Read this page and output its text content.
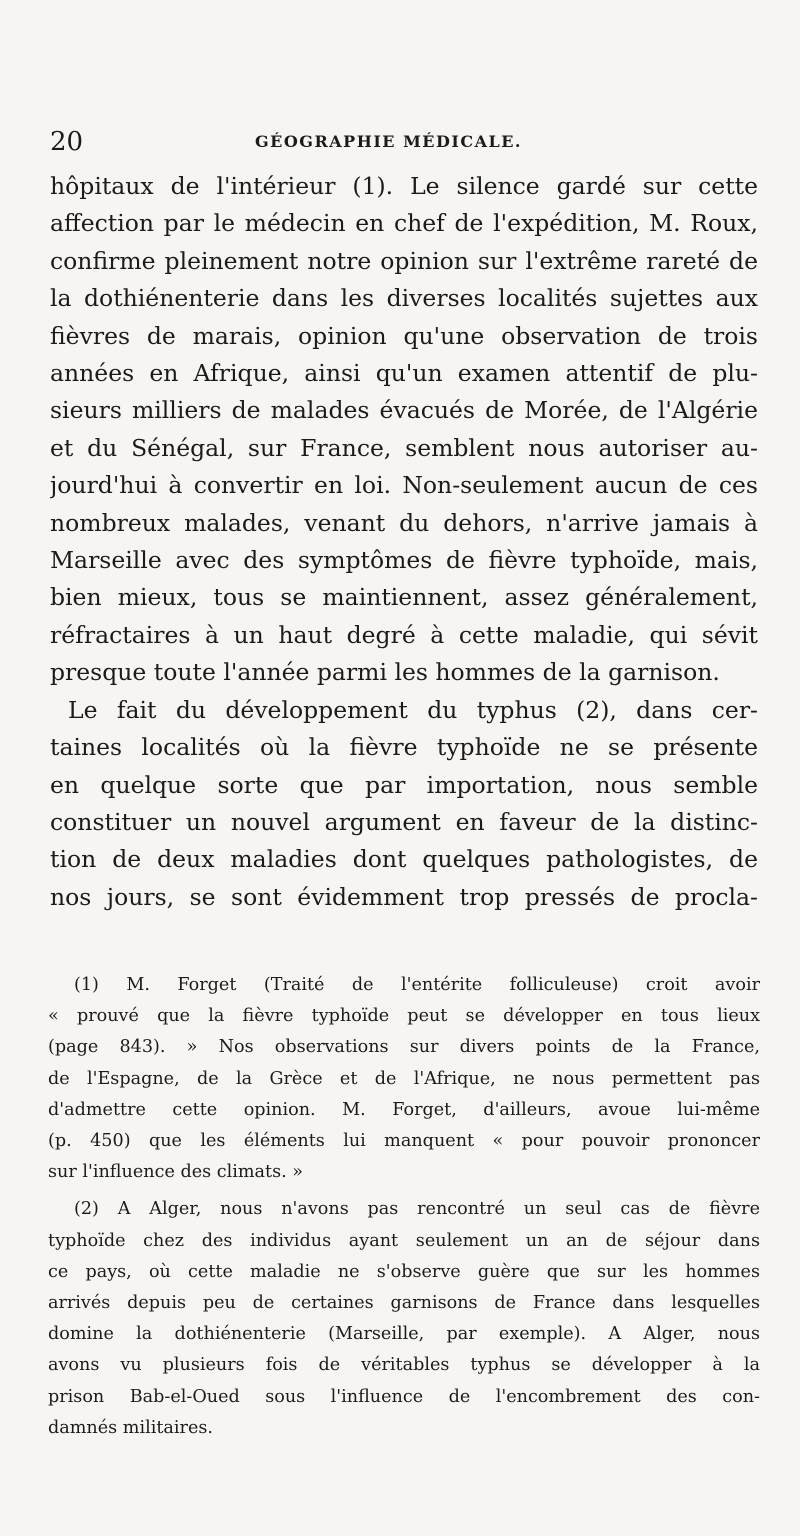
20	GÉOGRAPHIE MÉDICALE.
hôpitaux de l'intérieur (1). Le silence gardé sur cette
affection par le médecin en chef de l'expédition, M. Roux,
confirme pleinement notre opinion sur l'extrême rareté de
la dothiénenterie dans les diverses localités sujettes aux
fièvres de marais, opinion qu'une observation de trois
années en Afrique, ainsi qu'un examen attentif de plu-
sieurs milliers de malades évacués de Morée, de l'Algérie
et du Sénégal, sur France, semblent nous autoriser au-
jourd'hui à convertir en loi. Non-seulement aucun de ces
nombreux malades, venant du dehors, n'arrive jamais à
Marseille avec des symptômes de fièvre typhoïde, mais,
bien mieux, tous se maintiennent, assez généralement,
réfractaires à un haut degré à cette maladie, qui sévit
presque toute l'année parmi les hommes de la garnison.
Le fait du développement du typhus (2), dans cer-
taines localités où la fièvre typhoïde ne se présente
en quelque sorte que par importation, nous semble
constituer un nouvel argument en faveur de la distinc-
tion de deux maladies dont quelques pathologistes, de
nos jours, se sont évidemment trop pressés de procla-
(1) M. Forget (Traité de l'entérite folliculeuse) croit avoir
« prouvé que la fièvre typhoïde peut se développer en tous lieux
(page 843). » Nos observations sur divers points de la France,
de l'Espagne, de la Grèce et de l'Afrique, ne nous permettent pas
d'admettre cette opinion. M. Forget, d'ailleurs, avoue lui-même
(p. 450) que les éléments lui manquent « pour pouvoir prononcer
sur l'influence des climats. »
(2) A Alger, nous n'avons pas rencontré un seul cas de fièvre
typhoïde chez des individus ayant seulement un an de séjour dans
ce pays, où cette maladie ne s'observe guère que sur les hommes
arrivés depuis peu de certaines garnisons de France dans lesquelles
domine la dothiénenterie (Marseille, par exemple). A Alger, nous
avons vu plusieurs fois de véritables typhus se développer à la
prison Bab-el-Oued sous l'influence de l'encombrement des con-
damnés militaires.
